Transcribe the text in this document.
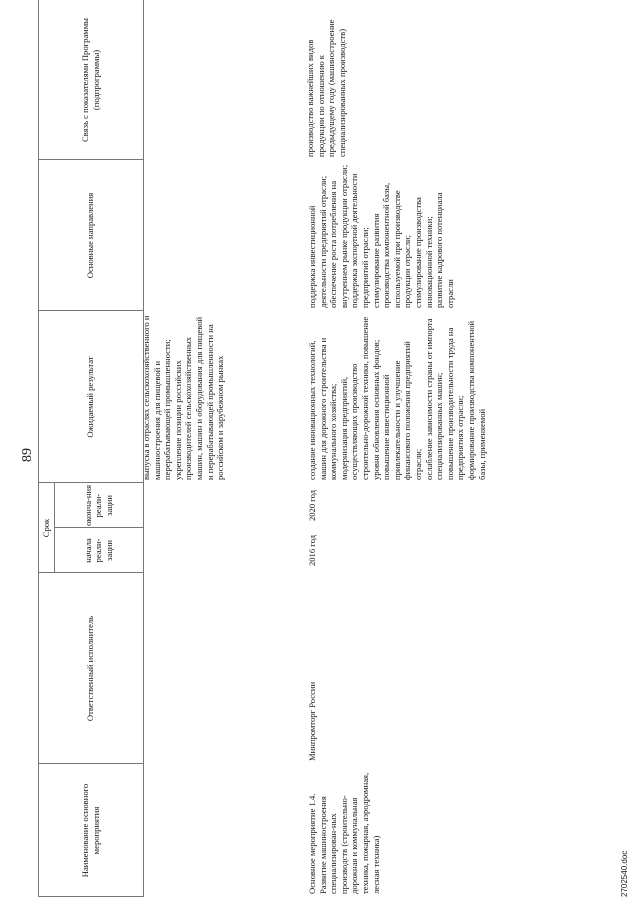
89
Наименование основного мероприятия
Ответственный исполнитель
Срок
начала реали-зации
оконча-ния реали-зации
Ожидаемый результат
Основные направления
Связь с показателями Программы (подпрограммы)
выпуска в отраслях сельскохозяйственного и машиностроения для пищевой и перерабатывающей промышленности; укрепление позиции российских производителей сельскохозяйственных машин, машин и оборудования для пищевой и перерабатывающей промышленности на российском и зарубежном рынках
производство важнейших видов продукции по отношению к предыдущему году (машиностроение специализированных производств)
Основное мероприятие 1.4. Развитие машиностроения специализирован-ных производств (строительно-дорожная и коммунальная техника, пожарная, аэродромная, лесная техника)
Минпромторг России
2016 год
2020 год
создание инновационных технологий, машин для дорожного строительства и коммунального хозяйства; модернизация предприятий, осуществляющих производство строительно-дорожной техники, повышение уровня обновления основных фондов; повышение инвестиционной привлекательности и улучшение финансового положения предприятий отрасли; ослабление зависимости страны от импорта специализированных машин; повышение производительности труда на предприятиях отрасли; формирование производства компонентной базы, применяемой
поддержка инвестиционной деятельности предприятий отрасли; обеспечение роста потребления на внутреннем рынке продукции отрасли; поддержка экспортной деятельности предприятий отрасли; стимулирование развития производства компонентной базы, используемой при производстве продукции отрасли; стимулирование производства инновационной техники; развитие кадрового потенциала отрасли
2702540.doc
